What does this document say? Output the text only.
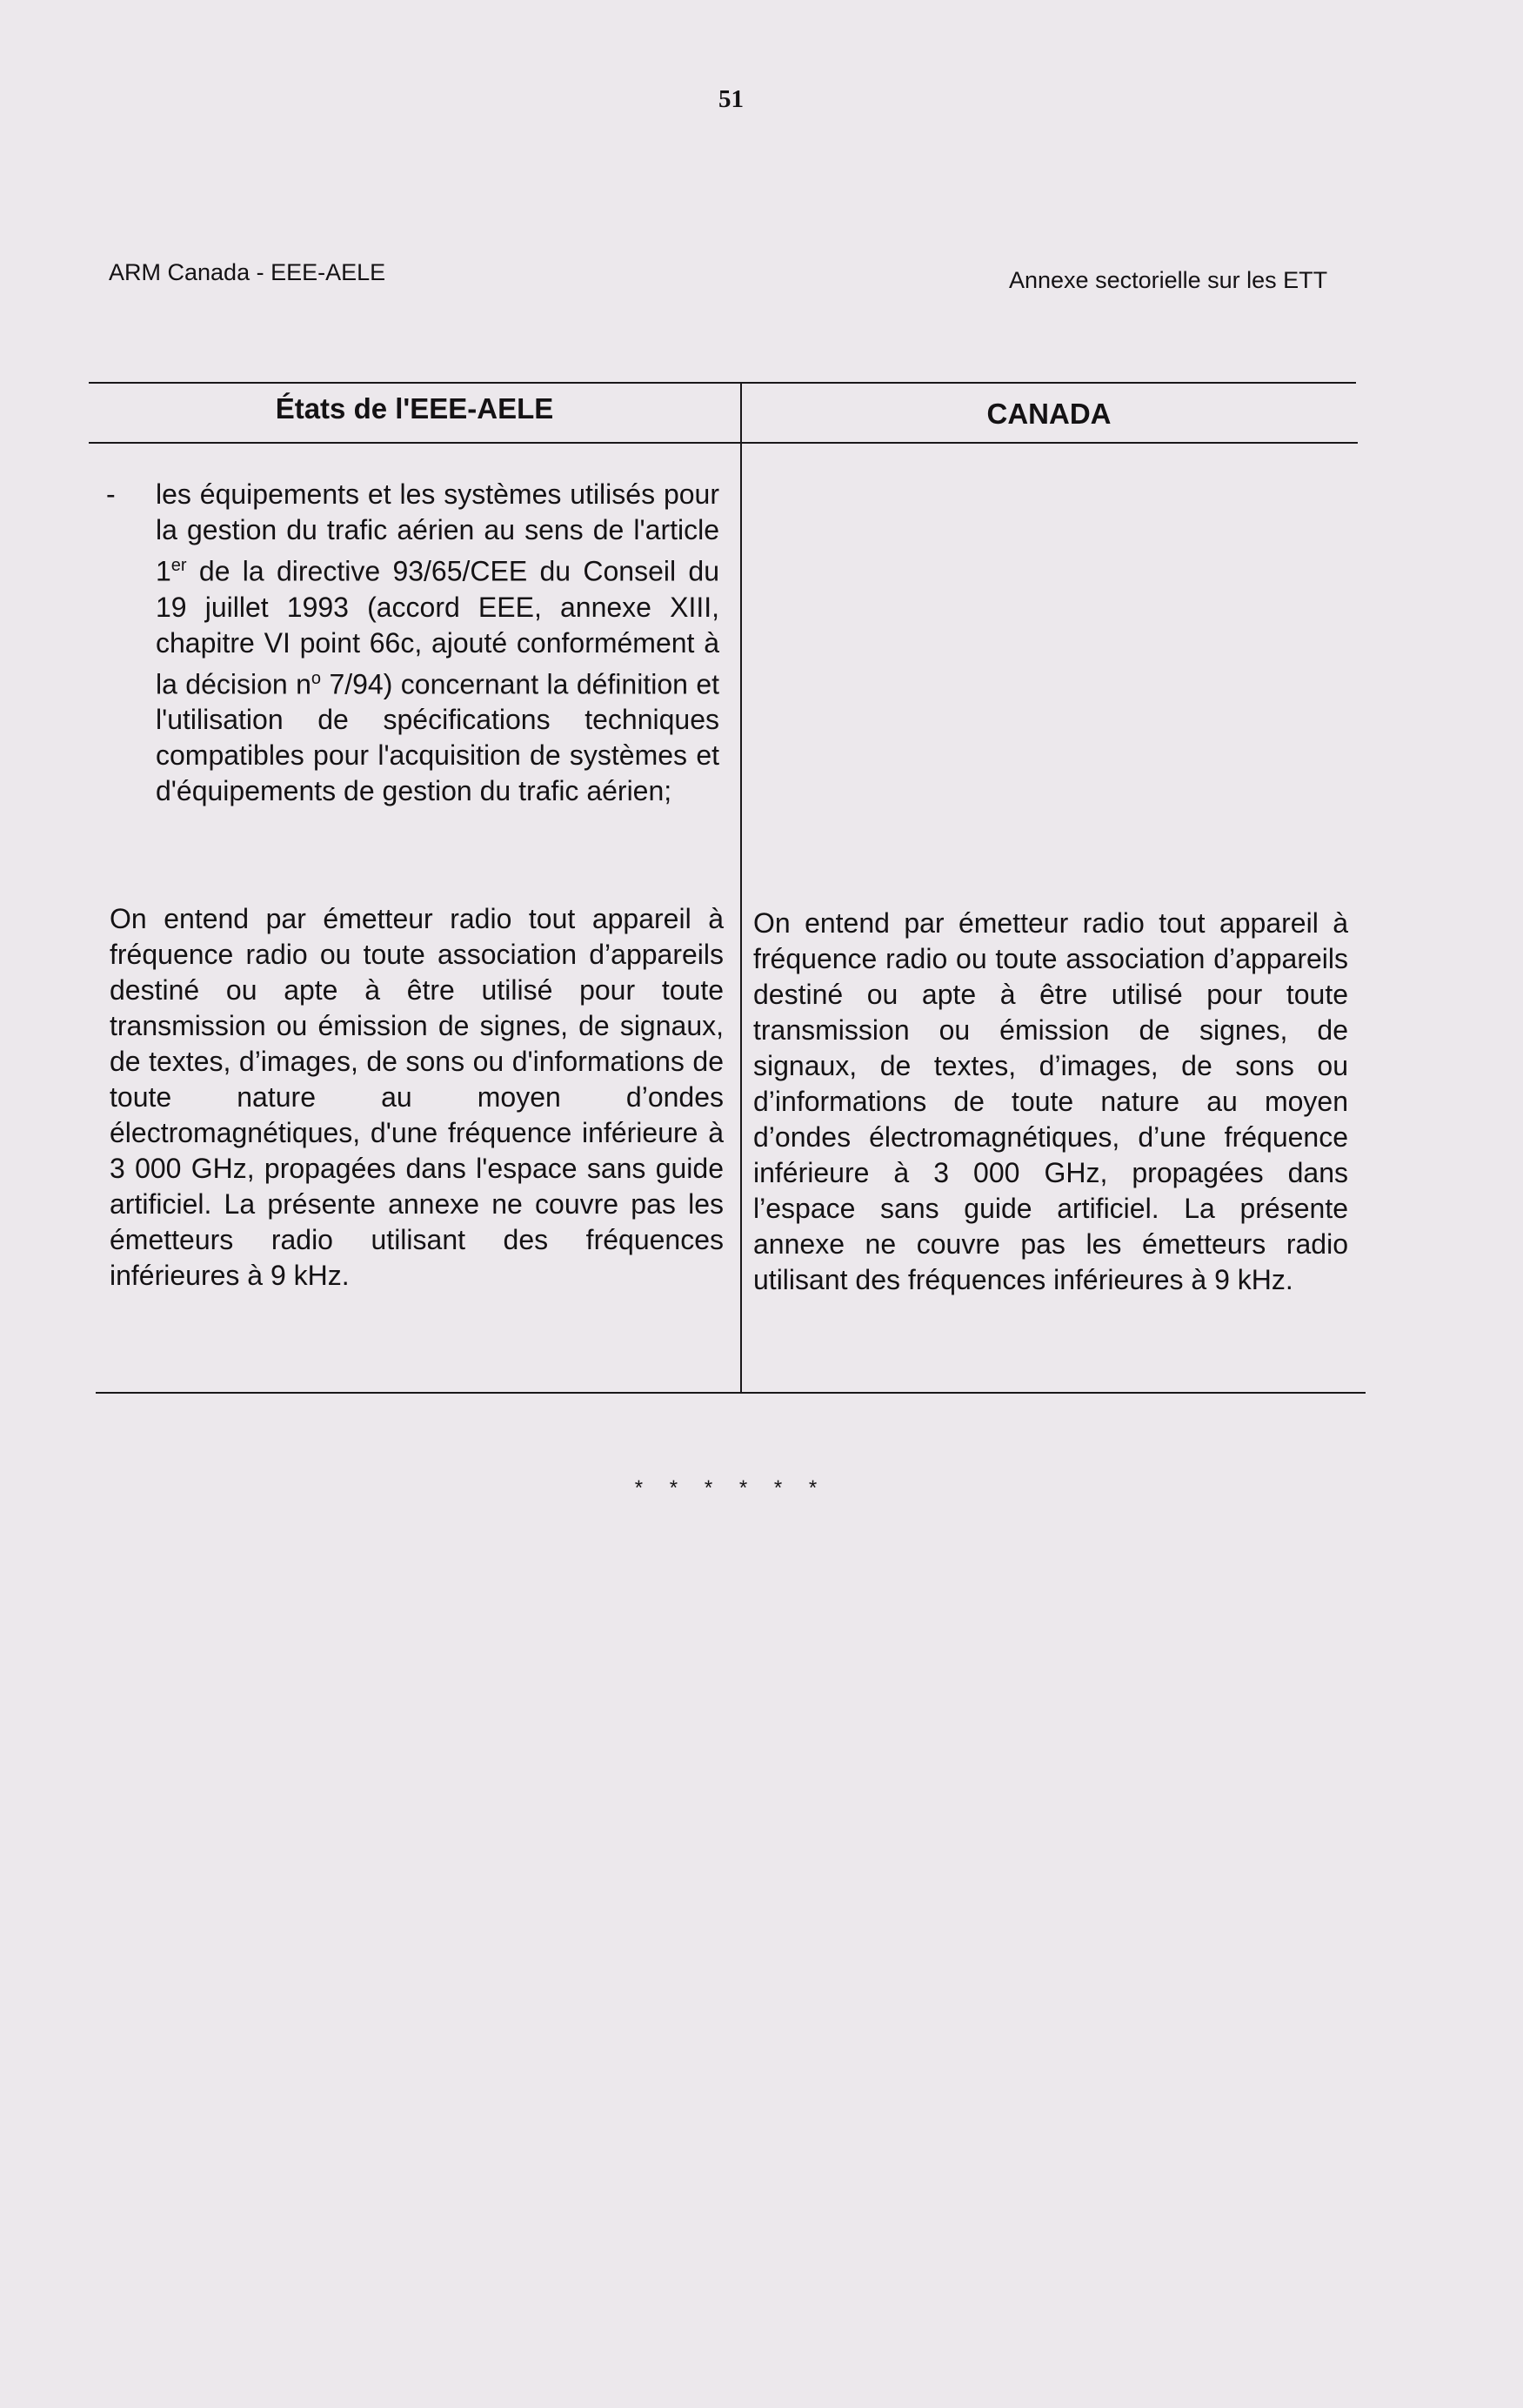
51
ARM Canada - EEE-AELE	Annexe sectorielle sur les ETT
États de l'EEE-AELE	CANADA
- les équipements et les systèmes utilisés pour la gestion du trafic aérien au sens de l'article 1er de la directive 93/65/CEE du Conseil du 19 juillet 1993 (accord EEE, annexe XIII, chapitre VI point 66c, ajouté conformément à la décision $n^o$ 7/94) concernant la définition et l'utilisation de spécifications techniques compatibles pour l'acquisition de systèmes et d'équipements de gestion du trafic aérien;
On entend par émetteur radio tout appareil à fréquence radio ou toute association d’appareils destiné ou apte à être utilisé pour toute transmission ou émission de signes, de signaux, de textes, d’images, de sons ou d'informations de toute nature au moyen d’ondes électromagnétiques, d'une fréquence inférieure à 3 000 GHz, propagées dans l'espace sans guide artificiel. La présente annexe ne couvre pas les émetteurs radio utilisant des fréquences inférieures à 9 kHz.
On entend par émetteur radio tout appareil à fréquence radio ou toute association d’appareils destiné ou apte à être utilisé pour toute transmission ou émission de signes, de signaux, de textes, d’images, de sons ou d’informations de toute nature au moyen d’ondes électromagnétiques, d’une fréquence inférieure à 3 000 GHz, propagées dans l’espace sans guide artificiel. La présente annexe ne couvre pas les émetteurs radio utilisant des fréquences inférieures à 9 kHz.
* * * * * *
